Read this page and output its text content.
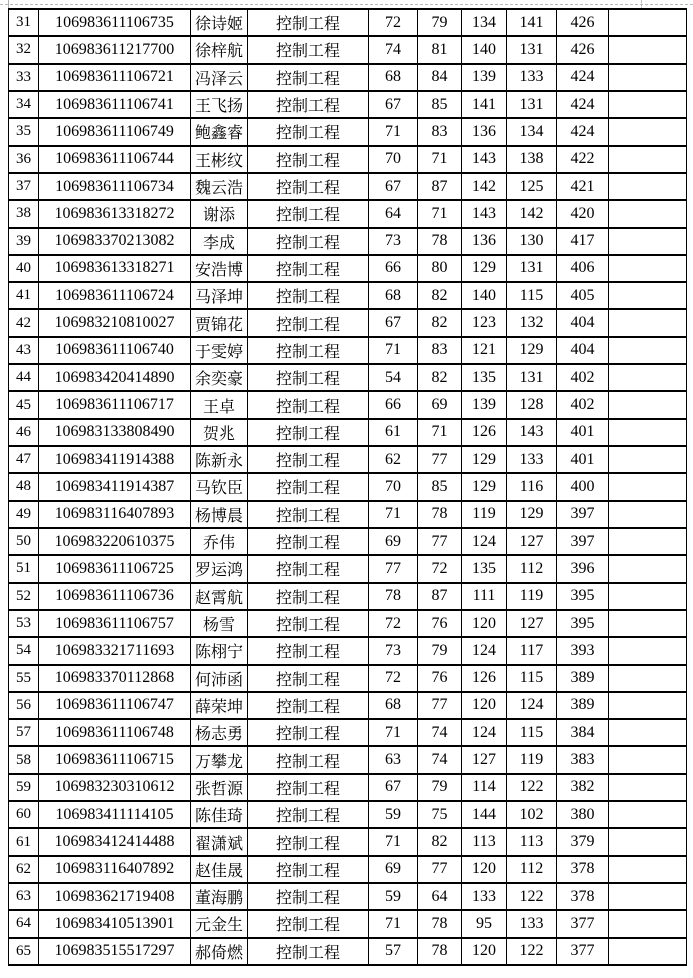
31	106983611106735	徐诗姬	控制工程	72	79	134	141	426	
32	106983611217700	徐梓航	控制工程	74	81	140	131	426	
33	106983611106721	冯泽云	控制工程	68	84	139	133	424	
34	106983611106741	王飞扬	控制工程	67	85	141	131	424	
35	106983611106749	鲍鑫睿	控制工程	71	83	136	134	424	
36	106983611106744	王彬纹	控制工程	70	71	143	138	422	
37	106983611106734	魏云浩	控制工程	67	87	142	125	421	
38	106983613318272	谢添	控制工程	64	71	143	142	420	
39	106983370213082	李成	控制工程	73	78	136	130	417	
40	106983613318271	安浩博	控制工程	66	80	129	131	406	
41	106983611106724	马泽坤	控制工程	68	82	140	115	405	
42	106983210810027	贾锦花	控制工程	67	82	123	132	404	
43	106983611106740	于雯婷	控制工程	71	83	121	129	404	
44	106983420414890	余奕豪	控制工程	54	82	135	131	402	
45	106983611106717	王卓	控制工程	66	69	139	128	402	
46	106983133808490	贺兆	控制工程	61	71	126	143	401	
47	106983411914388	陈新永	控制工程	62	77	129	133	401	
48	106983411914387	马钦臣	控制工程	70	85	129	116	400	
49	106983116407893	杨博晨	控制工程	71	78	119	129	397	
50	106983220610375	乔伟	控制工程	69	77	124	127	397	
51	106983611106725	罗运鸿	控制工程	77	72	135	112	396	
52	106983611106736	赵霄航	控制工程	78	87	111	119	395	
53	106983611106757	杨雪	控制工程	72	76	120	127	395	
54	106983321711693	陈栩宁	控制工程	73	79	124	117	393	
55	106983370112868	何沛函	控制工程	72	76	126	115	389	
56	106983611106747	薛荣坤	控制工程	68	77	120	124	389	
57	106983611106748	杨志勇	控制工程	71	74	124	115	384	
58	106983611106715	万攀龙	控制工程	63	74	127	119	383	
59	106983230310612	张哲源	控制工程	67	79	114	122	382	
60	106983411114105	陈佳琦	控制工程	59	75	144	102	380	
61	106983412414488	翟潇斌	控制工程	71	82	113	113	379	
62	106983116407892	赵佳晟	控制工程	69	77	120	112	378	
63	106983621719408	董海鹏	控制工程	59	64	133	122	378	
64	106983410513901	元金生	控制工程	71	78	95	133	377	
65	106983515517297	郝倚燃	控制工程	57	78	120	122	377	
